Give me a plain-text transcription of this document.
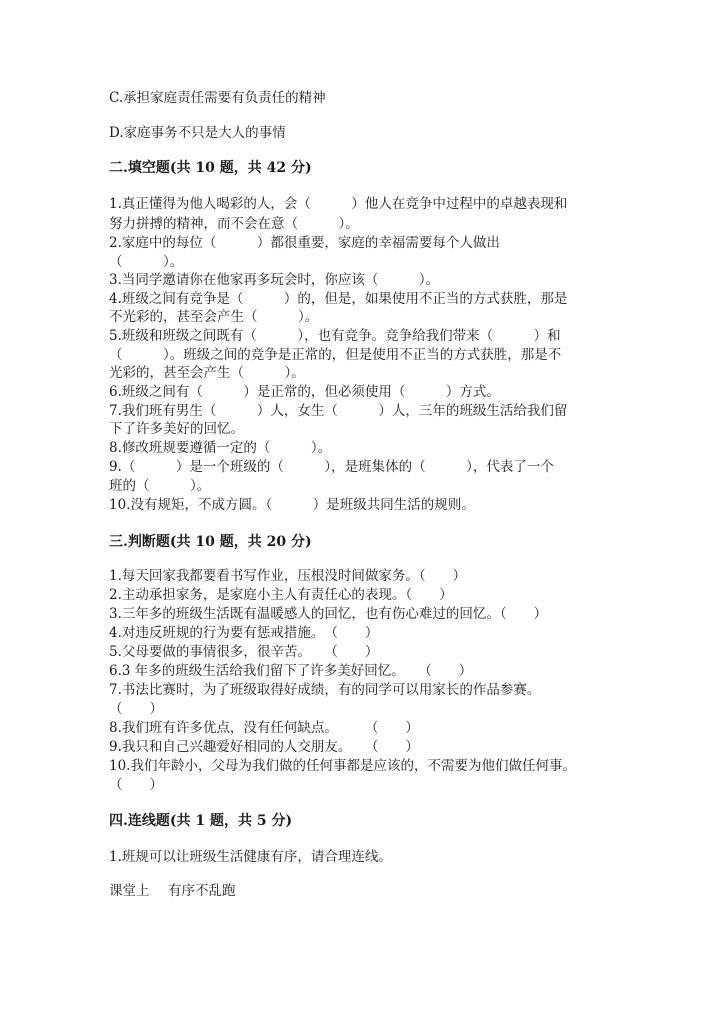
C.承担家庭责任需要有负责任的精神
D.家庭事务不只是大人的事情
二.填空题(共 10 题，共 42 分)
1.真正懂得为他人喝彩的人，会（　　　）他人在竞争中过程中的卓越表现和
努力拼搏的精神，而不会在意（　　　）。
2.家庭中的每位（　　　）都很重要，家庭的幸福需要每个人做出
（　　　）。
3.当同学邀请你在他家再多玩会时，你应该（　　　）。
4.班级之间有竞争是（　　　）的，但是，如果使用不正当的方式获胜，那是
不光彩的，甚至会产生（　　　）。
5.班级和班级之间既有（　　　），也有竞争。竞争给我们带来（　　　）和
（　　　）。班级之间的竞争是正常的，但是使用不正当的方式获胜，那是不
光彩的，甚至会产生（　　　）。
6.班级之间有（　　　）是正常的，但必须使用（　　　）方式。
7.我们班有男生（　　　）人，女生（　　　）人，三年的班级生活给我们留
下了许多美好的回忆。
8.修改班规要遵循一定的（　　　）。
9.（　　　）是一个班级的（　　　），是班集体的（　　　），代表了一个
班的（　　　）。
10.没有规矩，不成方圆。（　　　）是班级共同生活的规则。
三.判断题(共 10 题，共 20 分)
1.每天回家我都要看书写作业，压根没时间做家务。（　　）
2.主动承担家务，是家庭小主人有责任心的表现。（　　）
3.三年多的班级生活既有温暖感人的回忆，也有伤心难过的回忆。（　　）
4.对违反班规的行为要有惩戒措施。　（　　）
5.父母要做的事情很多，很辛苦。　　（　　）
6.3 年多的班级生活给我们留下了许多美好回忆。　　（　　）
7.书法比赛时，为了班级取得好成绩，有的同学可以用家长的作品参赛。
（　　）
8.我们班有许多优点，没有任何缺点。　　　（　　）
9.我只和自己兴趣爱好相同的人交朋友。　　（　　）
10.我们年龄小，父母为我们做的任何事都是应该的，不需要为他们做任何事。
（　　）
四.连线题(共 1 题，共 5 分)
1.班规可以让班级生活健康有序，请合理连线。
课堂上 有序不乱跑
